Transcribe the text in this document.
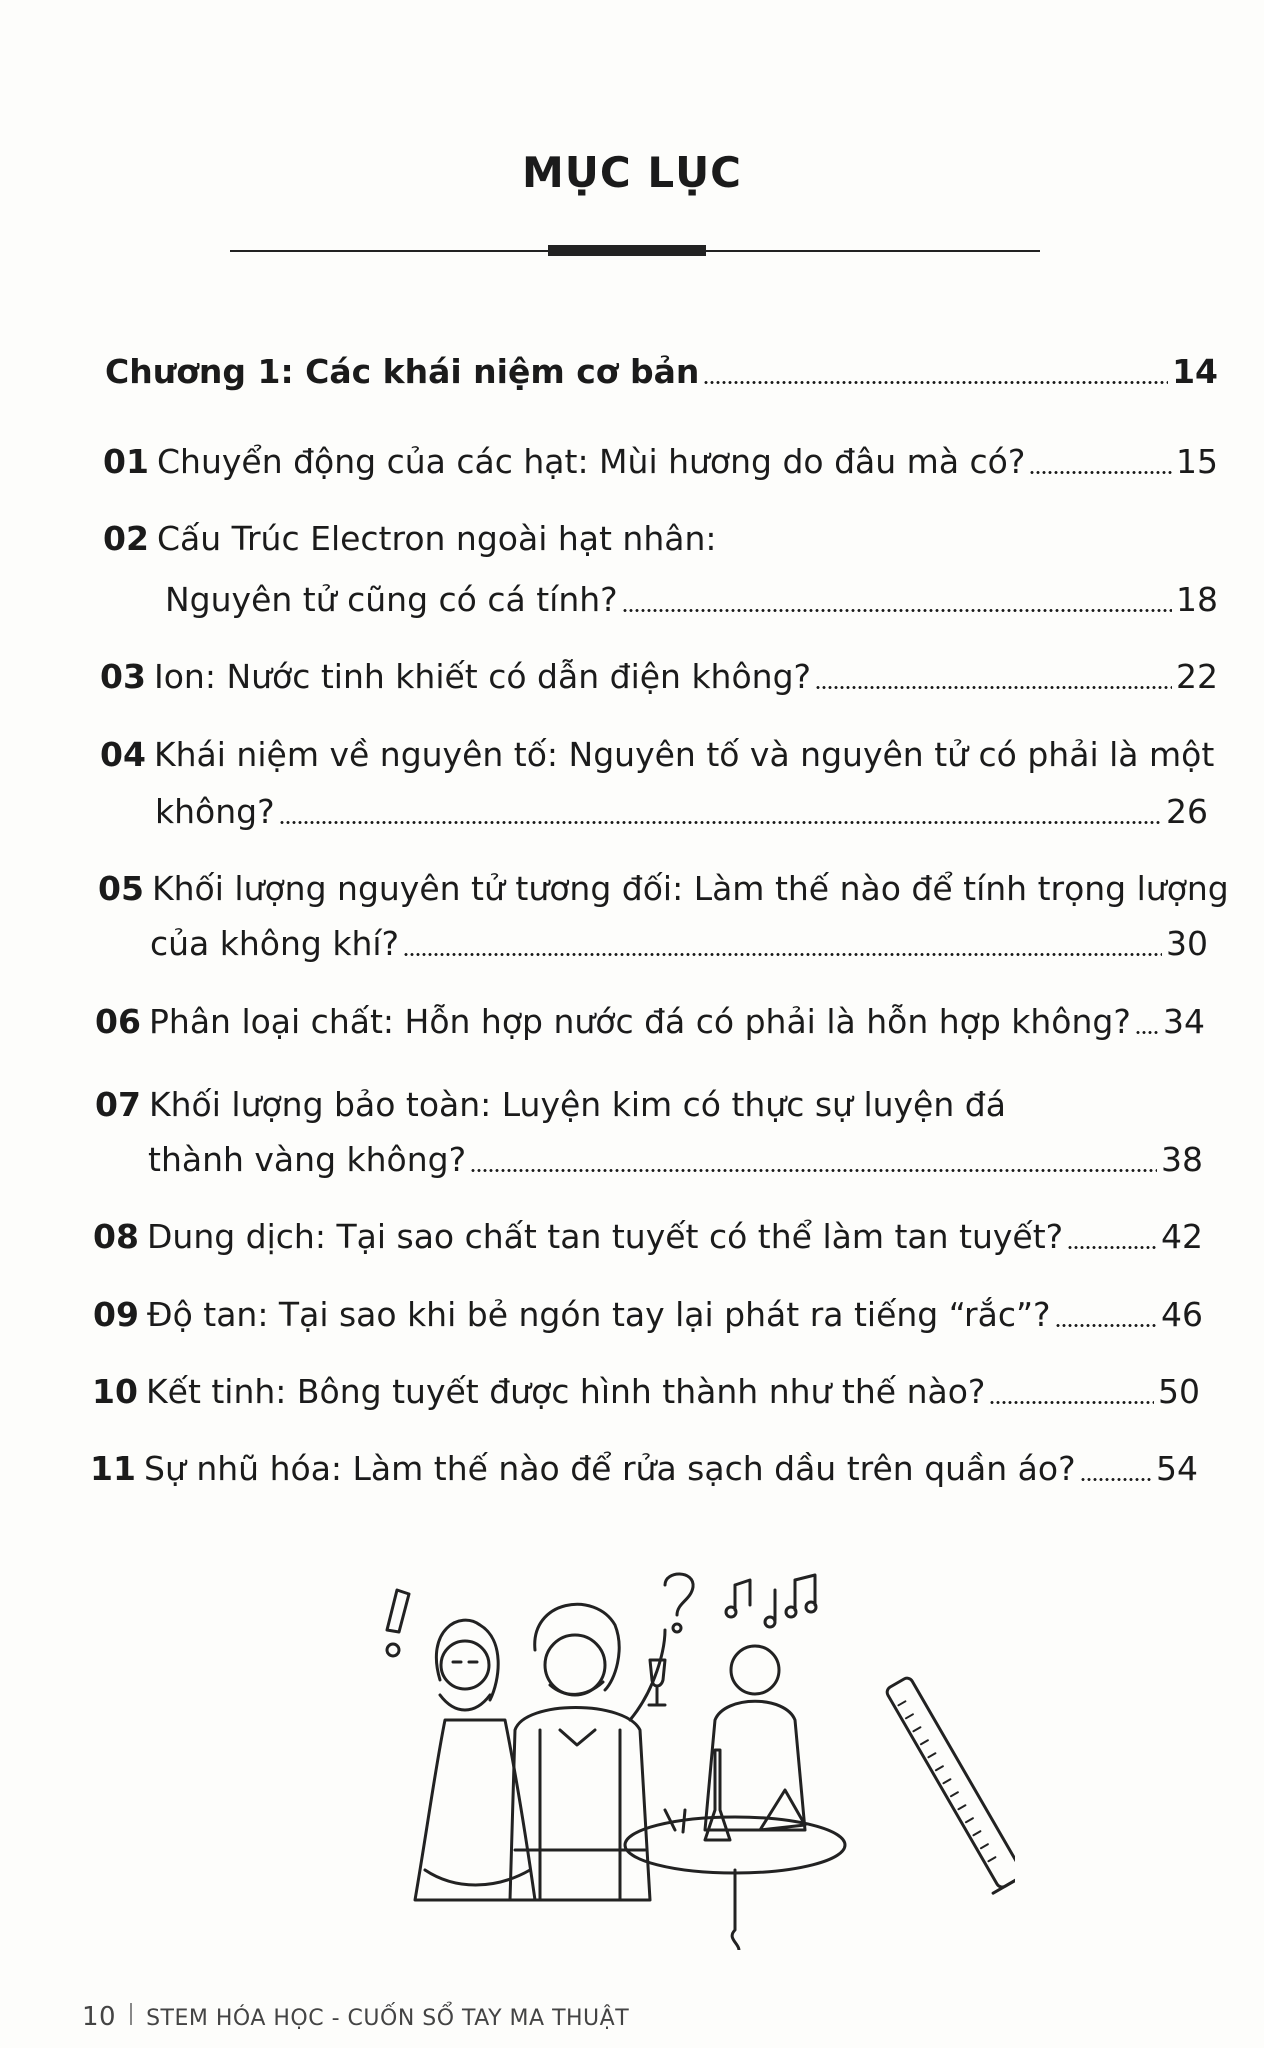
MỤC LỤC
Chương 1: Các khái niệm cơ bản	14
01 Chuyển động của các hạt: Mùi hương do đâu mà có?	15
02 Cấu Trúc Electron ngoài hạt nhân:
Nguyên tử cũng có cá tính?	18
03 Ion: Nước tinh khiết có dẫn điện không?	22
04 Khái niệm về nguyên tố: Nguyên tố và nguyên tử có phải là một
không?	26
05 Khối lượng nguyên tử tương đối: Làm thế nào để tính trọng lượng
của không khí?	30
06 Phân loại chất: Hỗn hợp nước đá có phải là hỗn hợp không? 34
07 Khối lượng bảo toàn: Luyện kim có thực sự luyện đá
thành vàng không?	38
08 Dung dịch: Tại sao chất tan tuyết có thể làm tan tuyết?	42
09 Độ tan: Tại sao khi bẻ ngón tay lại phát ra tiếng “rắc”?	46
10 Kết tinh: Bông tuyết được hình thành như thế nào?	50
11 Sự nhũ hóa: Làm thế nào để rửa sạch dầu trên quần áo? 54
10 STEM HÓA HỌC - CUỐN SỔ TAY MA THUẬT
